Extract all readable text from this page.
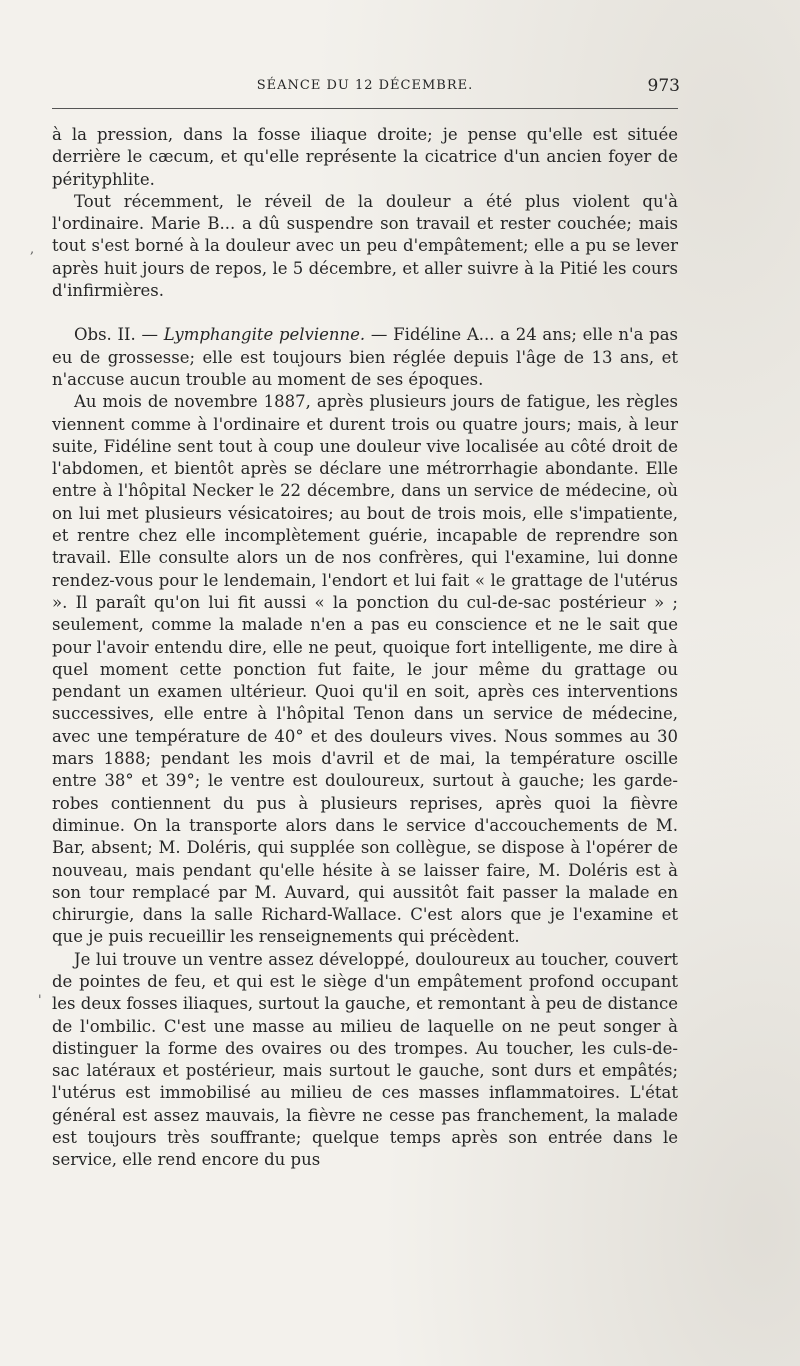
SÉANCE DU 12 DÉCEMBRE.	973
,
'

à la pression, dans la fosse iliaque droite; je pense qu'elle est située derrière le cæcum, et qu'elle représente la cicatrice d'un ancien foyer de pérityphlite.

Tout récemment, le réveil de la douleur a été plus violent qu'à l'ordinaire. Marie B... a dû suspendre son travail et rester couchée; mais tout s'est borné à la douleur avec un peu d'empâtement; elle a pu se lever après huit jours de repos, le 5 décembre, et aller suivre à la Pitié les cours d'infirmières.

Obs. II. — Lymphangite pelvienne. — Fidéline A... a 24 ans; elle n'a pas eu de grossesse; elle est toujours bien réglée depuis l'âge de 13 ans, et n'accuse aucun trouble au moment de ses époques.

Au mois de novembre 1887, après plusieurs jours de fatigue, les règles viennent comme à l'ordinaire et durent trois ou quatre jours; mais, à leur suite, Fidéline sent tout à coup une douleur vive localisée au côté droit de l'abdomen, et bientôt après se déclare une métrorrhagie abondante. Elle entre à l'hôpital Necker le 22 décembre, dans un service de médecine, où on lui met plusieurs vésicatoires; au bout de trois mois, elle s'impatiente, et rentre chez elle incomplètement guérie, incapable de reprendre son travail. Elle consulte alors un de nos confrères, qui l'examine, lui donne rendez-vous pour le lendemain, l'endort et lui fait « le grattage de l'utérus ». Il paraît qu'on lui fit aussi « la ponction du cul-de-sac postérieur » ; seulement, comme la malade n'en a pas eu conscience et ne le sait que pour l'avoir entendu dire, elle ne peut, quoique fort intelligente, me dire à quel moment cette ponction fut faite, le jour même du grattage ou pendant un examen ultérieur. Quoi qu'il en soit, après ces interventions successives, elle entre à l'hôpital Tenon dans un service de médecine, avec une température de 40° et des douleurs vives. Nous sommes au 30 mars 1888; pendant les mois d'avril et de mai, la température oscille entre 38° et 39°; le ventre est douloureux, surtout à gauche; les garde-robes contiennent du pus à plusieurs reprises, après quoi la fièvre diminue. On la transporte alors dans le service d'accouchements de M. Bar, absent; M. Doléris, qui supplée son collègue, se dispose à l'opérer de nouveau, mais pendant qu'elle hésite à se laisser faire, M. Doléris est à son tour remplacé par M. Auvard, qui aussitôt fait passer la malade en chirurgie, dans la salle Richard-Wallace. C'est alors que je l'examine et que je puis recueillir les renseignements qui précèdent.

Je lui trouve un ventre assez développé, douloureux au toucher, couvert de pointes de feu, et qui est le siège d'un empâtement profond occupant les deux fosses iliaques, surtout la gauche, et remontant à peu de distance de l'ombilic. C'est une masse au milieu de laquelle on ne peut songer à distinguer la forme des ovaires ou des trompes. Au toucher, les culs-de-sac latéraux et postérieur, mais surtout le gauche, sont durs et empâtés; l'utérus est immobilisé au milieu de ces masses inflammatoires. L'état général est assez mauvais, la fièvre ne cesse pas franchement, la malade est toujours très souffrante; quelque temps après son entrée dans le service, elle rend encore du pus
